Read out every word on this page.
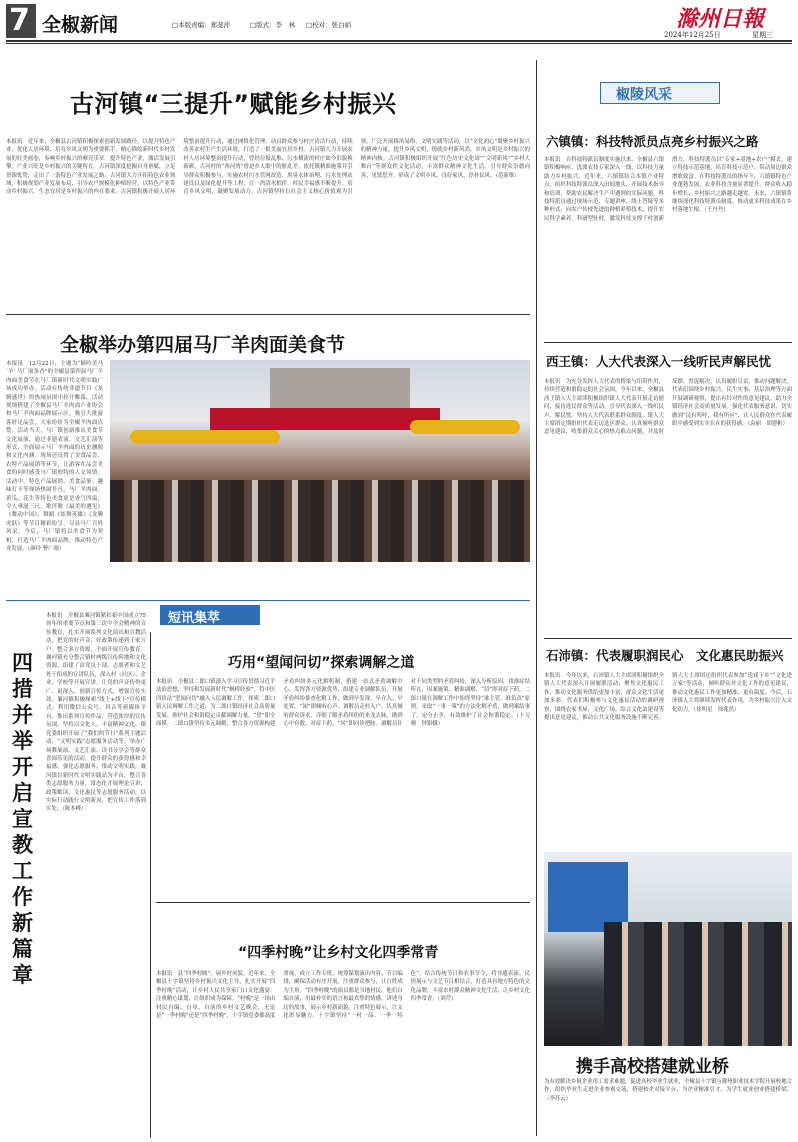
7 全椒新闻	□本版责编：郑斐萍	□版式：李　林 □校对：张白娟	滁州日報
2024年12月25日	星期三
古河镇“三提升”赋能乡村振兴
本报讯　近年来，全椒县古河镇积极探索创新发展路径，以提升特色产业、优化人居环境、培育乡风文明为重要抓手，精心描绘新时代乡村发展的壮美画卷，奏响乡村振兴的嘹亮乐章。提升特色产业，激活发展引擎。产业兴旺是乡村振兴的关键所在。古河镇深度挖掘自身禀赋，立足资源优势，走出了一条特色产业发展之路。古河镇大力开拓特色农业领域，积极规划产业发展布局，引导农户规模化种植经营，以特色产业带动乡村振兴。生态宜居是乡村振兴的内在要求。古河镇积极开展人居环境整治提升行动，通过网格化管理，动员群众参与村庄清洁行动，持续改善农村生产生活环境，打造了一批美丽宜居乡村。古河镇大力开展农村人居环境整治提升行动，曾经垃圾乱堆、污水横流的村庄如今旧貌换新颜。古河村的“西河湾”曾是乡人眼中的脏乱差，依托镇精准施策并引导群众积极参与，实施农村污水管网改造、黑臭水体治理、污水处理站建设以及绿化提升等工程，让一湾清水相伴，村民幸福感不断提升。培育乡风文明，凝聚发展动力。古河镇坚持以社会主义核心价值观为引领，广泛开展移风易俗、文明实践等活动，以“文化润心”凝聚乡村振兴的精神力量。提升乡风文明，铸就乡村新风尚。乡风文明是乡村振兴的精神内核。古河镇积极组织开展“红色历史文化周”“文明新风”“乡村大舞台”等群众性文化活动，丰富群众精神文化生活，引导群众崇德向善、见贤思齐，形成了文明乡风、良好家风、淳朴民风。（范新维）
全椒举办第四届马厂羊肉面美食节
本报讯　12月22日，主题为“顺吟美马 ‘羊’ 马厂面条香”的全椒县第四届马厂羊肉面美食节在马厂镇新时代文明实践广场成功举办。活动在传统非遗节目《龙腾盛世》的热闹氛围中拉开帷幕。活动现场搭建了全椒县马厂羊肉面产业协会和马厂羊肉面品牌展示区，吸引大批游客驻足品尝，大家纷纷为全椒羊肉面点赞。活动当天，马厂镇创新推出美食节文化展演，通过非遗表演、文艺汇演等形式，全面展示马厂羊肉面的历史渊源和文化内涵。现场还设置了美食品尝、农特产品展销等环节，让游客在品尝美食的同时感受马厂镇独特的人文风情。活动中，特色产品展销、美食品鉴、趣味打卡等现场热闹非凡，马厂羊肉面、黄瓜、花生等特色美食更是香气四溢，令人垂涎三尺。歌伴舞《最美的遇见》《舞动中国》、舞蹈《炫舞英雄》《龙腾虎跃》等节目精彩纷呈，尽显马厂百姓风采。今后，马厂镇将以美食节为契机，打造马厂羊肉面品牌，推动特色产业发展。（颜玲 曹广晴）
短讯集萃
四措并举开启宣教工作新篇章
本报讯　全椒县襄河镇紧扣新中国成立75周年的重要节点和第三次中全会精神的宣传教育，扎实开展系列文化演出和宣教活动，把党的好声音、好政策传递到千家万户。整合多方资源，全面开展宣传教育。襄河镇充分整合镇村两级宣传阵地和文化资源，组建了由党员干部、志愿者和文艺骨干组成的宣讲队伍，深入村（社区）、企业、学校等开展宣讲，让党的声音传得更广、更深入。创新宣传方式，增强宣传实效。襄河镇积极探索“线上+线下”宣传模式，利用微信公众号、抖音等新媒体平台，推出系列宣传作品，营造浓厚的宣传氛围。坚持以文化人，丰富精神文化。镇党委组织开展了“我们的节日”系列主题活动、“文明实践”志愿服务活动等，举办广场舞展演、文艺汇演、读书分享会等群众喜闻乐见的活动，提升群众的获得感和幸福感。强化志愿服务，推动文明实践。襄河镇以新时代文明实践站为平台，整合各类志愿服务力量，常态化开展理论宣讲、政策解读、文化惠民等志愿服务活动，以实际行动践行文明新风，把宣传工作落到实处。（陈本峰）
巧用“望闻问切”探索调解之道
本报讯　全椒县二郎口镇深入学习宣传贯彻习近平法治思想，坚持和发展新时代“枫桥经验”，将中医四诊法“望闻问切”融入人民调解工作，探索二郎口镇人民调解工作之道，为二郎口镇经济社会高质量发展、维护社会和谐稳定贡献调解力量。“望”即全面摸。二郎口镇坚持多元调解，整合各方资源构建矛盾纠纷多元化解机制，搭建一站式矛盾调解中心，发挥各方资源优势，组建专业调解队伍，开展矛盾纠纷排查化解工作，做到早发现、早介入、早处置。“闻”即倾听心声。调解员走村入户，认真倾听群众诉求，详细了解矛盾纠纷的来龙去脉，做到心中有数、对症下药。“问”即问诊把脉。调解员针对不同类型的矛盾纠纷，深入分析原因，找准症结所在，因案施策、精准调解。“切”即对症下药。二郎口镇在调解工作中始终坚持“谁主管、谁负责”原则，采取“一事一策”的方法化解矛盾，做到案结事了、定分止争，有效维护了社会和谐稳定。（卜习珊　钟银娥）
“四季村晚”让乡村文化四季常青
本报讯　县“四季村晚”，展乡村风貌。近年来，全椒县十字镇坚持乡村振兴文化主导，扎实开展“四季村晚”活动，让乡村人民共享家门口文化盛宴。注重精心谋划，让组织成为保障。“村晚”是一场由村民自编、自导、自演的乡村文艺晚会，无论是“一季村晚”还是“四季村晚”，十字镇党委都高度重视，成立工作专班，统筹谋划演出内容、节目编排，确保活动有序开展。注重群众参与，让百姓成为主角。“四季村晚”的演员都是当地村民，他们自编自演，用最朴实的语言和最真挚的情感，讲述身边的故事，展示乡村新面貌。注重特色展示，让文化彰显魅力。十字镇坚持“一村一品、一季一特色”，结合传统节日和农事节令，将非遗表演、民俗展示与文艺节目相结合，打造具有地方特色的文化品牌，丰富农村群众精神文化生活，让乡村文化四季常青。（刘芹）
椒陵风采
六镇镇：科技特派员点亮乡村振兴之路
本报讯　自科技特派员制度实施以来，全椒县六镇镇积极响应，选派农技专家深入一线，以科技力量助力乡村振兴。近年来，六镇镇结合本镇产业特点，组织科技特派员深入田间地头，开展技术指导和培训，帮助农民解决生产中遇到的实际问题。科技特派员通过现场示范、专题讲座、线上答疑等多种形式，向农户传授先进的种植养殖技术，提升农民科学素养。科研型驻村，激发科技支撑千村创新潜力。科技特派员以“专家+基地+农户”模式，建立科技示范基地，培育科技示范户，带动周边群众增收致富。在科技特派员的指导下，六镇镇特色产业蓬勃发展，农业科技含量显著提升，群众收入稳步增长，乡村振兴之路越走越宽。未来，六镇镇将继续深化科技特派员制度，推动更多科技成果在乡村落地生根。（王丹丹）
西王镇：人大代表深入一线听民声解民忧
本报讯　为充分发挥人大代表的桥梁与纽带作用，持续营造和谐稳定的社会氛围，今年以来，全椒县西王镇人大主席团积极组织镇人大代表开展走访慰问、接待选民群众等活动，引导代表深入一线听民声、解民忧。坚持人大代表联系群众制度，镇人大主席团定期组织代表走访选区群众，认真倾听群众意见建议，收集群众关心的热点难点问题，并及时反馈、督促解决。认真履职尽责，推动问题解决。代表们围绕乡村振兴、民生实事、基层治理等方面开展调研视察，提出有针对性的意见建议，助力全镇经济社会高质量发展。强化代表服务意识，切实做到“民有所呼、我有所应”，让人民群众在代表履职中感受到实实在在的获得感。（袁丽　胡建彬）
石沛镇：代表履职润民心　文化惠民助振兴
本报讯　今年以来，石沛镇人大主席团积极组织全镇人大代表深入开展履职活动，聚焦文化惠民工作，推动文化服务供给更加丰富、群众文化生活更加多彩。代表们积极参与文化惠民活动的调研视察，围绕农家书屋、文化广场、综合文化站建设等提出意见建议，推动公共文化服务设施不断完善。镇人大主席团还组织代表参加“送戏下乡”“文化进万家”等活动，倾听群众对文化工作的意见建议，推动文化惠民工作更加精准、更有温度。今后，石沛镇人大将继续发挥代表作用，为乡村振兴注入文化动力。（徐明星　徐兆然）
携手高校搭建就业桥
为有效解决乡镇企业用工需求难题，促进高校毕业生就业，全椒县十字镇与滁州职业技术学院开展校地合作，组织毕业生走进企业参观交流，搭建校企对接平台，为企业精准引才、为学生就业创业搭建桥梁。（李苏云）
